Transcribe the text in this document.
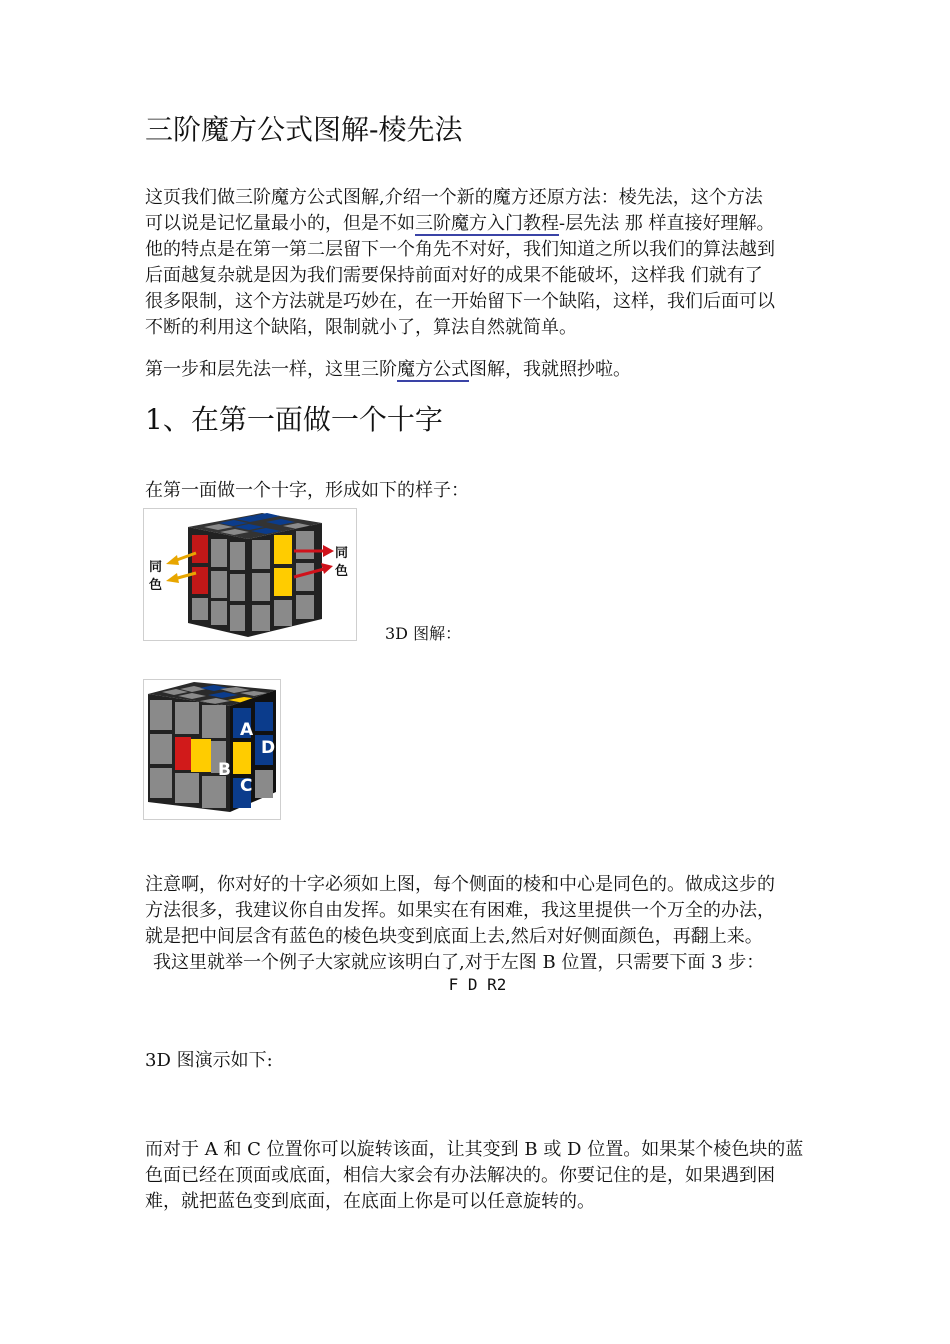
三阶魔方公式图解-棱先法

这页我们做三阶魔方公式图解,介绍一个新的魔方还原方法：棱先法，这个方法
可以说是记忆量最小的，但是不如三阶魔方入门教程-层先法 那 样直接好理解。
他的特点是在第一第二层留下一个角先不对好，我们知道之所以我们的算法越到
后面越复杂就是因为我们需要保持前面对好的成果不能破坏，这样我 们就有了
很多限制，这个方法就是巧妙在，在一开始留下一个缺陷，这样，我们后面可以
不断的利用这个缺陷，限制就小了，算法自然就简单。

第一步和层先法一样，这里三阶魔方公式图解，我就照抄啦。
1、在第一面做一个十字
在第一面做一个十字，形成如下的样子：
同色
同色
3D 图解：
A
B
C
D
注意啊，你对好的十字必须如上图，每个侧面的棱和中心是同色的。做成这步的
方法很多，我建议你自由发挥。如果实在有困难，我这里提供一个万全的办法，
就是把中间层含有蓝色的棱色块变到底面上去,然后对好侧面颜色，再翻上来。
我这里就举一个例子大家就应该明白了,对于左图 B 位置，只需要下面 3 步：
F D R2
3D 图演示如下:
而对于 A 和 C 位置你可以旋转该面，让其变到 B 或 D 位置。如果某个棱色块的蓝
色面已经在顶面或底面，相信大家会有办法解决的。你要记住的是，如果遇到困
难，就把蓝色变到底面，在底面上你是可以任意旋转的。
